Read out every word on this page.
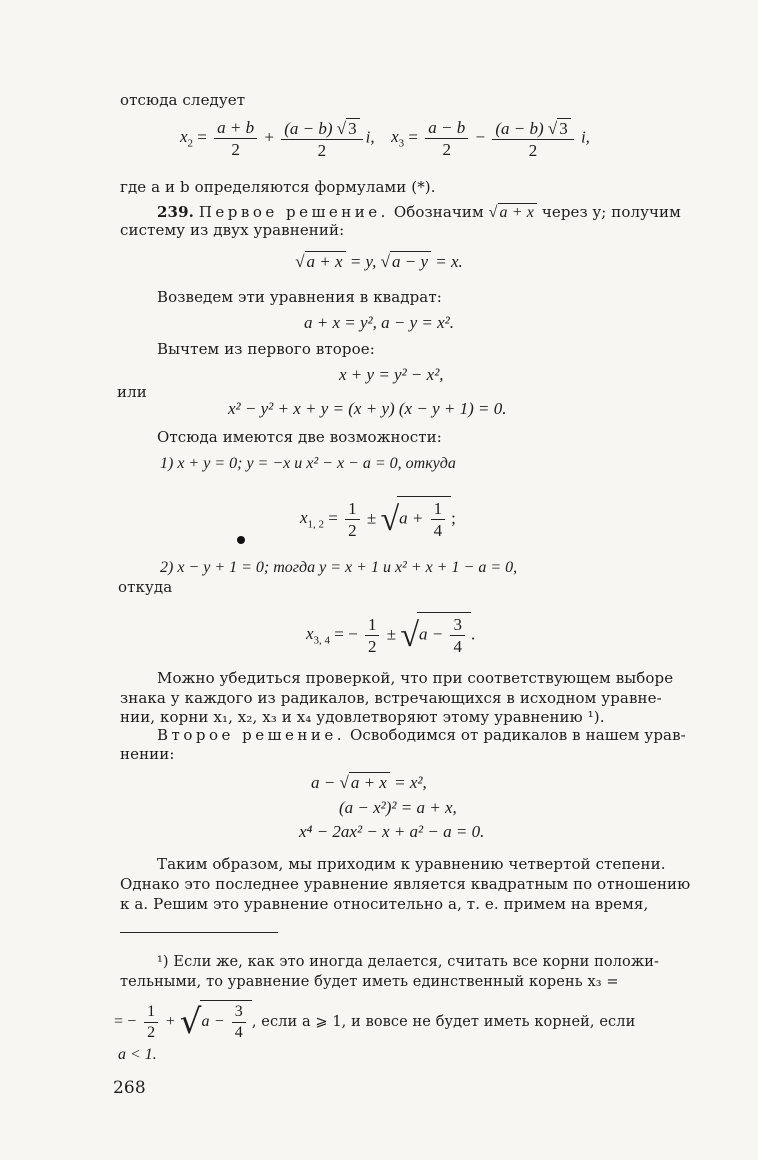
отсюда следует
$x_2 = \frac{a + b}{2} + \frac{(a - b) √ 3}{2} i$, $x_3 = \frac{a - b}{2} - \frac{(a - b) √ 3}{2} i$,
где a и b определяются формулами (*).
239. Первое решение. Обозначим √ a + x через y; получим
систему из двух уравнений:
√ a + x = y, √ a − y = x.
Возведем эти уравнения в квадрат:
a + x = y², a − y = x².
Вычтем из первого второе:
x + y = y² − x²,
или
x² − y² + x + y = (x + y) (x − y + 1) = 0.
Отсюда имеются две возможности:
1) x + y = 0; y = −x и x² − x − a = 0, откуда
$x_{1, 2} = \frac{1}{2} \pm √a + \frac{1}{4}$ ;
2) x − y + 1 = 0; тогда y = x + 1 и x² + x + 1 − a = 0,
откуда
$x_{3, 4}$ = − $\frac{1}{2} \pm √a - \frac{3}{4}$ .
Можно убедиться проверкой, что при соответствующем выборе
знака у каждого из радикалов, встречающихся в исходном уравне-
нии, корни x₁, x₂, x₃ и x₄ удовлетворяют этому уравнению ¹).
Второе решение. Освободимся от радикалов в нашем урав-
нении:
a − √ a + x = x²,
(a − x²)² = a + x,
x⁴ − 2ax² − x + a² − a = 0.
Таким образом, мы приходим к уравнению четвертой степени.
Однако это последнее уравнение является квадратным по отношению
к a. Решим это уравнение относительно a, т. е. примем на время,
¹) Если же, как это иногда делается, считать все корни положи-
тельными, то уравнение будет иметь единственный корень x₃ =
= − $\frac{1}{2} + √a - \frac{3}{4}$ , если a ⩾ 1, и вовсе не будет иметь корней, если
a < 1.
268
